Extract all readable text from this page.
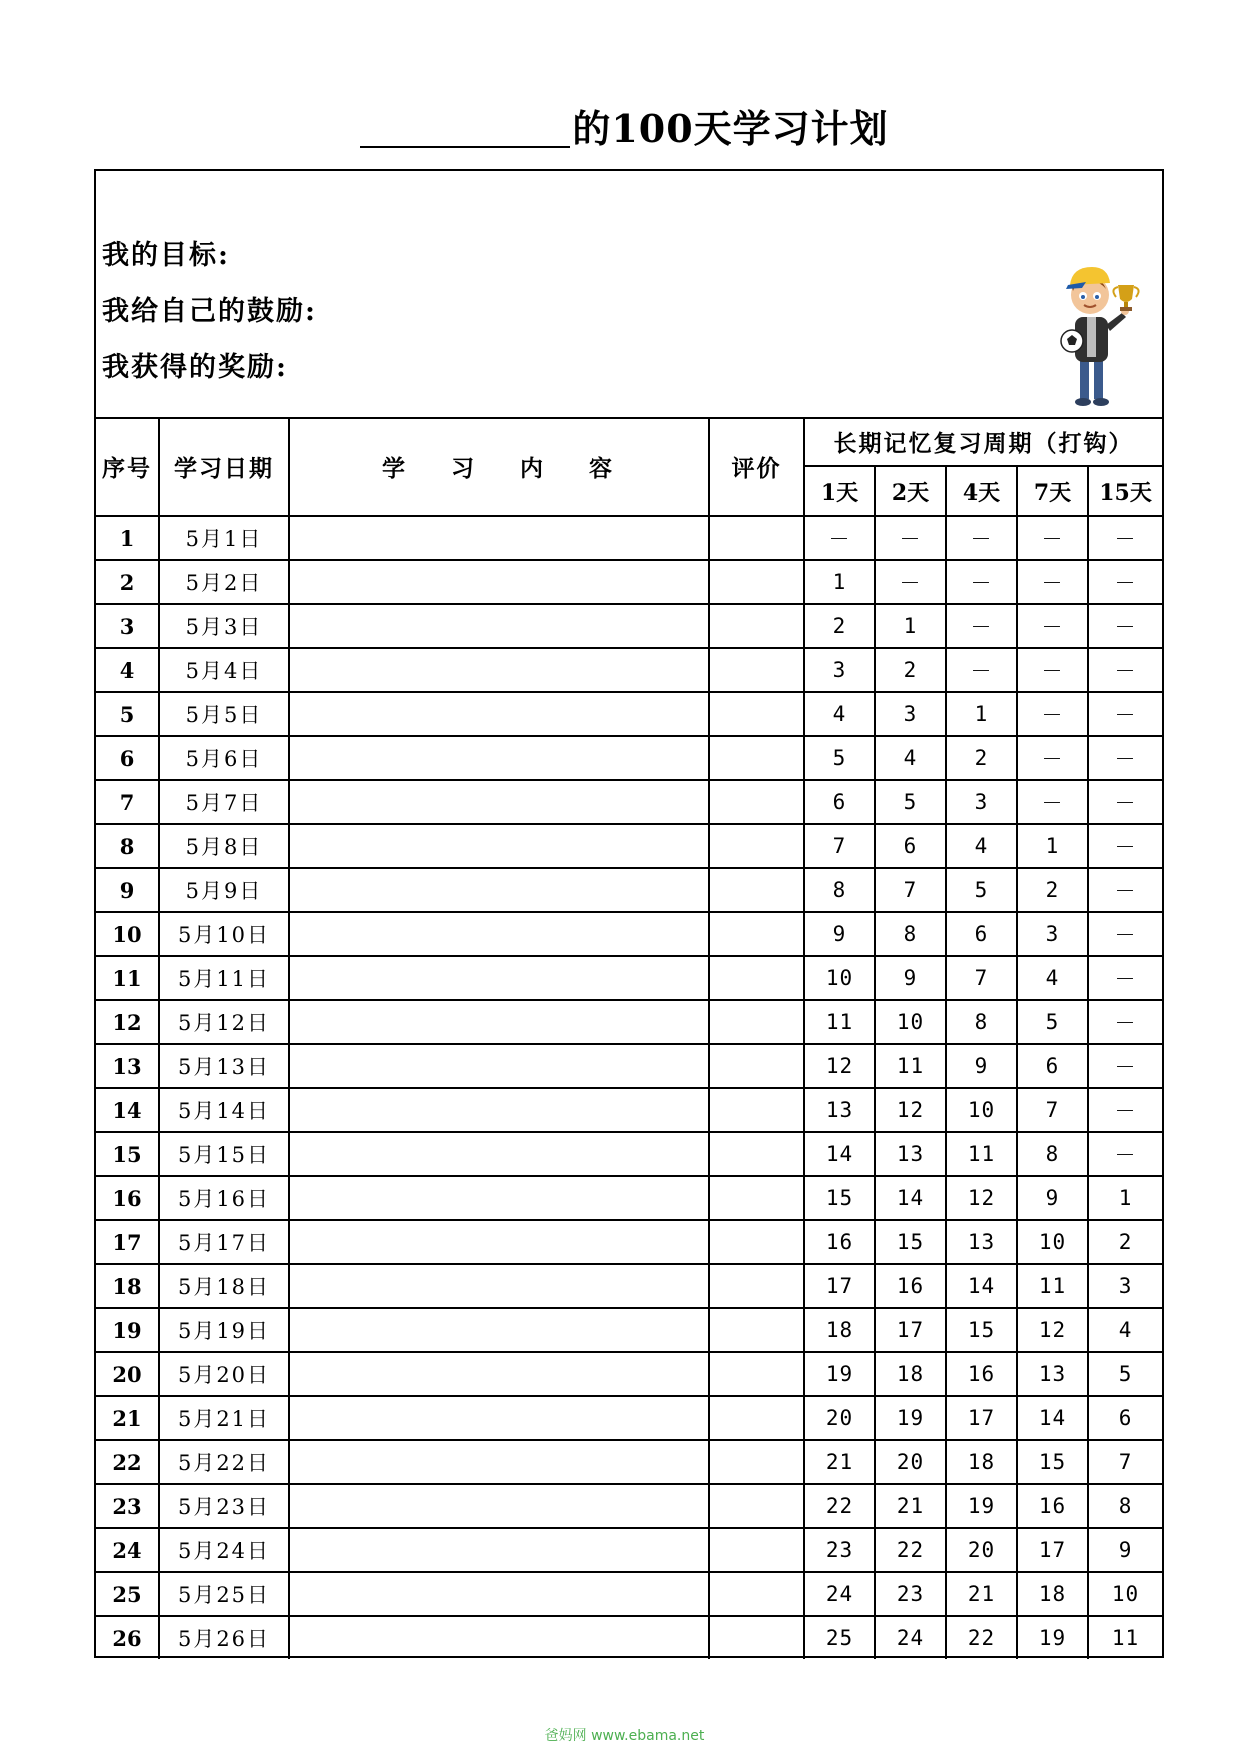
的100天学习计划
我的目标:
我给自己的鼓励:
我获得的奖励:
序号	学习日期	学 习 内 容	评价	长期记忆复习周期（打钩）				
				1天	2天	4天	7天	15天
1	5月1日			－	－	－	－	－
2	5月2日			1	－	－	－	－
3	5月3日			2	1	－	－	－
4	5月4日			3	2	－	－	－
5	5月5日			4	3	1	－	－
6	5月6日			5	4	2	－	－
7	5月7日			6	5	3	－	－
8	5月8日			7	6	4	1	－
9	5月9日			8	7	5	2	－
10	5月10日			9	8	6	3	－
11	5月11日			10	9	7	4	－
12	5月12日			11	10	8	5	－
13	5月13日			12	11	9	6	－
14	5月14日			13	12	10	7	－
15	5月15日			14	13	11	8	－
16	5月16日			15	14	12	9	1
17	5月17日			16	15	13	10	2
18	5月18日			17	16	14	11	3
19	5月19日			18	17	15	12	4
20	5月20日			19	18	16	13	5
21	5月21日			20	19	17	14	6
22	5月22日			21	20	18	15	7
23	5月23日			22	21	19	16	8
24	5月24日			23	22	20	17	9
25	5月25日			24	23	21	18	10
26	5月26日			25	24	22	19	11
爸妈网 www.ebama.net
